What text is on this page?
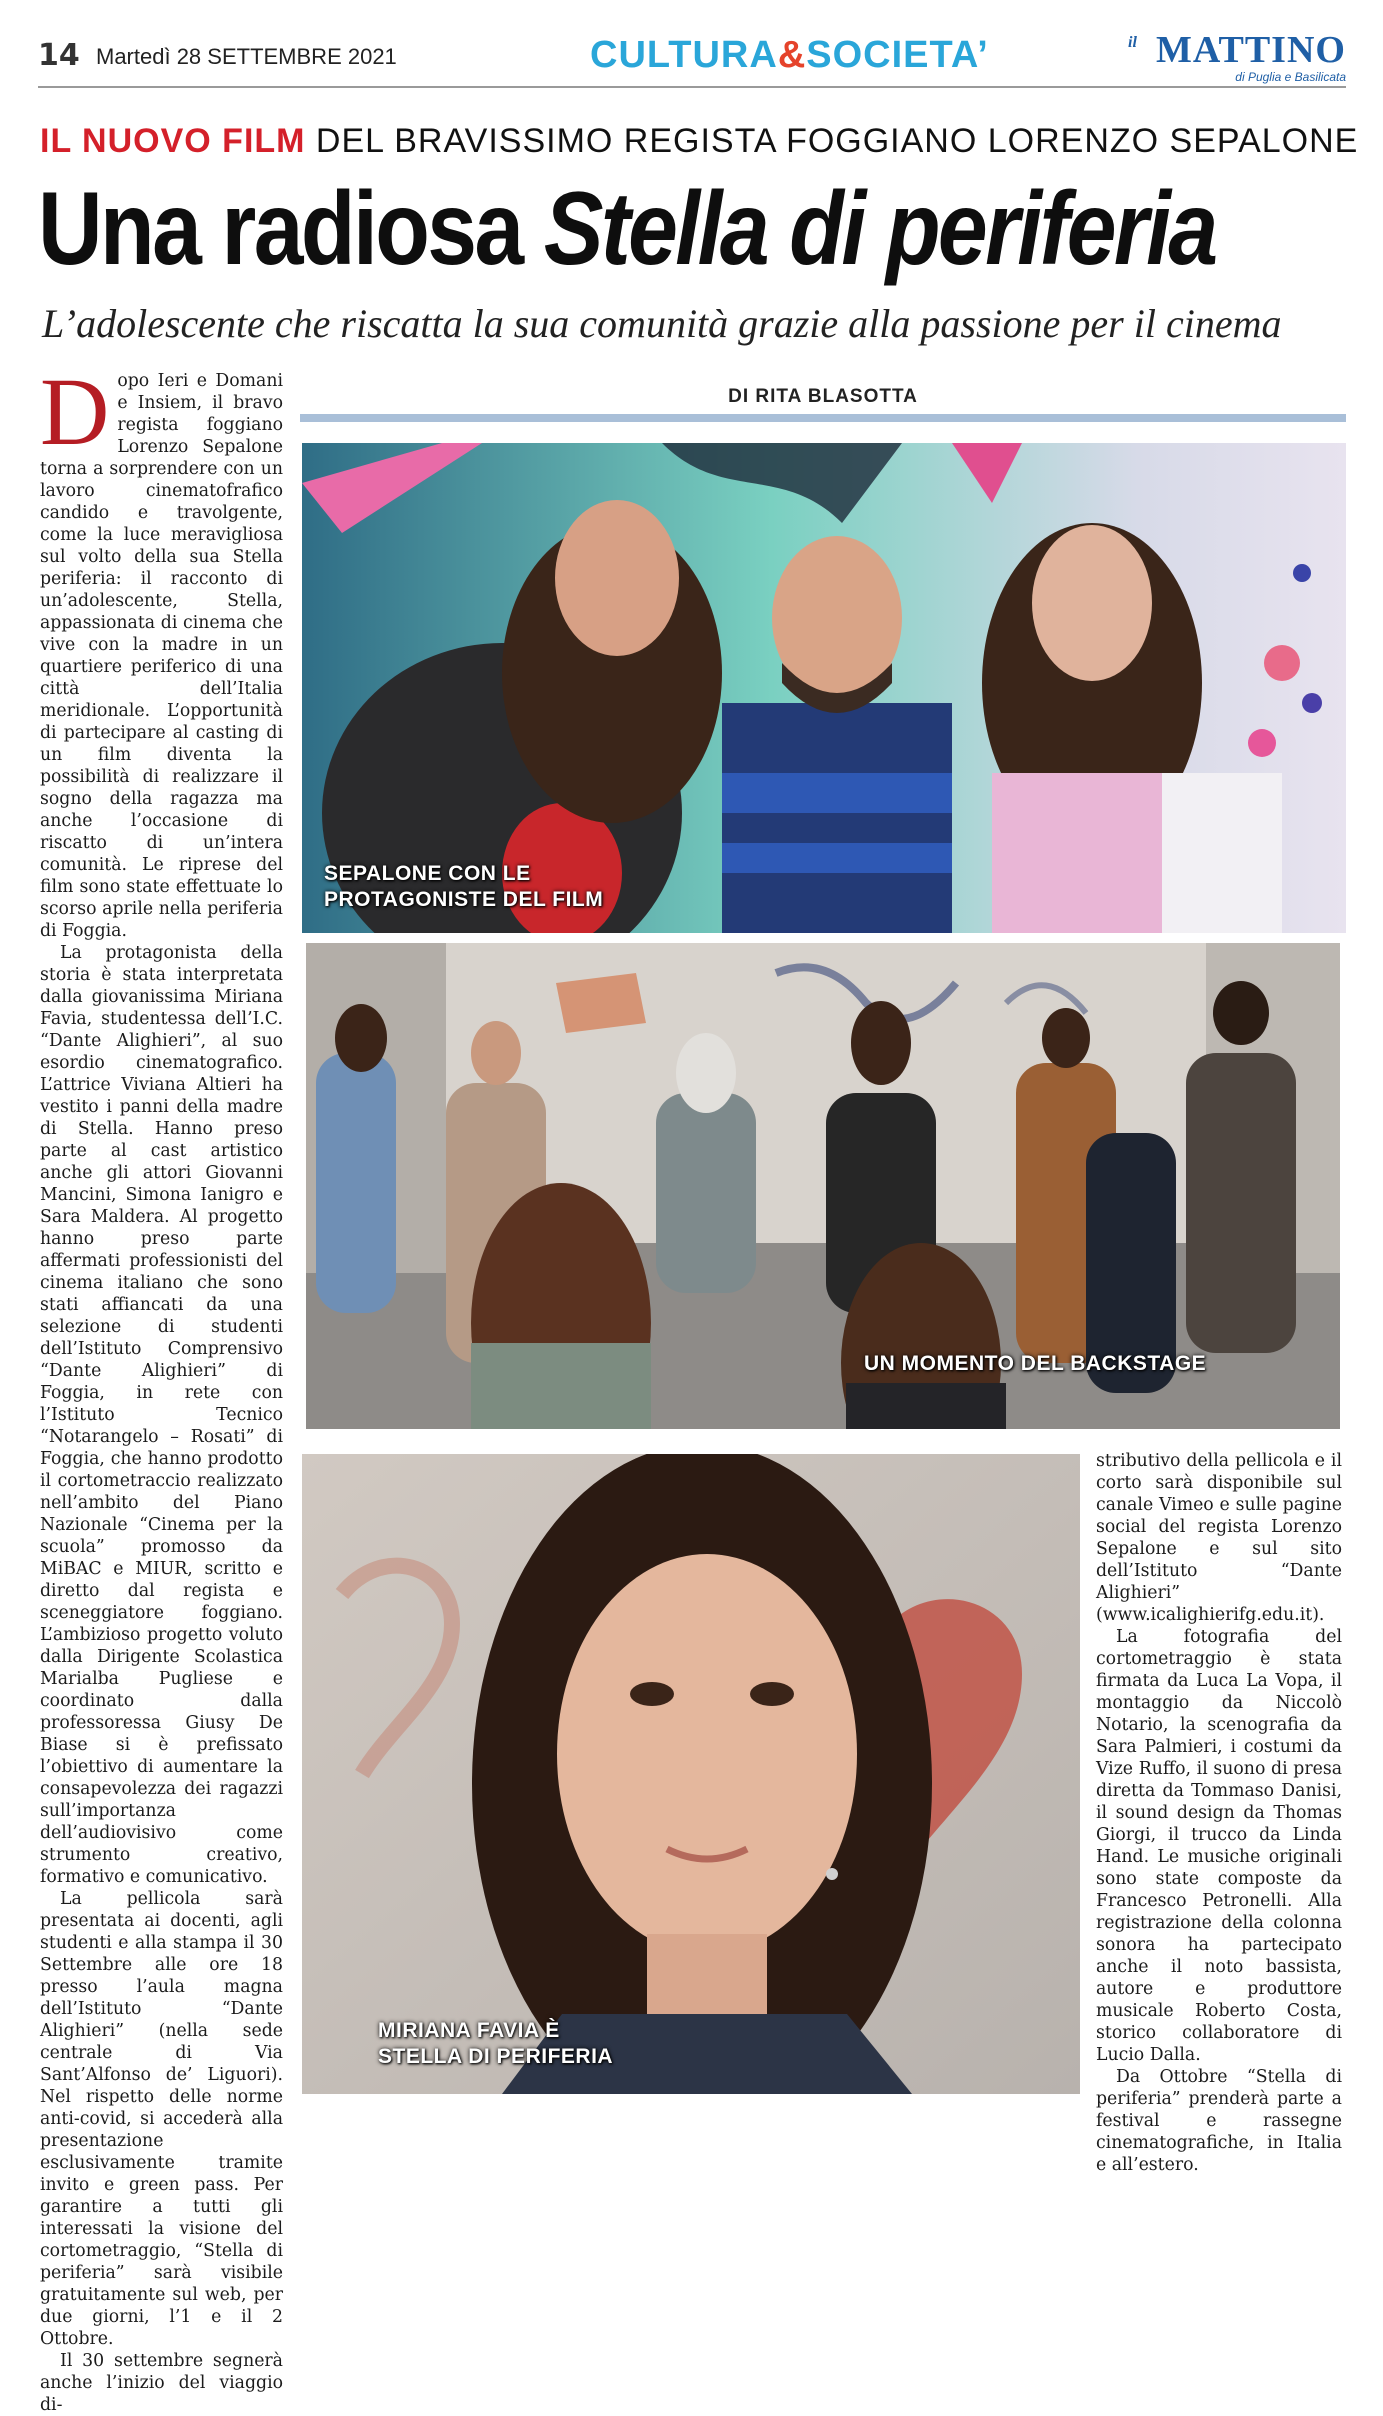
14 Martedì 28 SETTEMBRE 2021	CULTURA&SOCIETA’	il MATTINO
di Puglia e Basilicata
IL NUOVO FILM DEL BRAVISSIMO REGISTA FOGGIANO LORENZO SEPALONE
Una radiosa Stella di periferia
L’adolescente che riscatta la sua comunità grazie alla passione per il cinema

Dopo Ieri e Domani e Insiem, il bravo regista foggiano Lorenzo Sepalone torna a sorprendere con un lavoro cinematofrafico candido e travolgente, come la luce meravigliosa sul volto della sua Stella periferia: il racconto di un’adolescente, Stella, appassionata di cinema che vive con la madre in un quartiere periferico di una città dell’Italia meridionale. L’opportunità di partecipare al casting di un film diventa la possibilità di realizzare il sogno della ragazza ma anche l’occasione di riscatto di un’intera comunità. Le riprese del film sono state effettuate lo scorso aprile nella periferia di Foggia.

La protagonista della storia è stata interpretata dalla giovanissima Miriana Favia, studentessa dell’I.C. “Dante Alighieri”, al suo esordio cinematografico. L’attrice Viviana Altieri ha vestito i panni della madre di Stella. Hanno preso parte al cast artistico anche gli attori Giovanni Mancini, Simona Ianigro e Sara Maldera. Al progetto hanno preso parte affermati professionisti del cinema italiano che sono stati affiancati da una selezione di studenti dell’Istituto Comprensivo “Dante Alighieri” di Foggia, in rete con l’Istituto Tecnico “Notarangelo – Rosati” di Foggia, che hanno prodotto il cortometraccio realizzato nell’ambito del Piano Nazionale “Cinema per la scuola” promosso da MiBAC e MIUR, scritto e diretto dal regista e sceneggiatore foggiano. L’ambizioso progetto voluto dalla Dirigente Scolastica Marialba Pugliese e coordinato dalla professoressa Giusy De Biase si è prefissato l’obiettivo di aumentare la consapevolezza dei ragazzi sull’importanza dell’audiovisivo come strumento creativo, formativo e comunicativo.

La pellicola sarà presentata ai docenti, agli studenti e alla stampa il 30 Settembre alle ore 18 presso l’aula magna dell’Istituto “Dante Alighieri” (nella sede centrale di Via Sant’Alfonso de’ Liguori). Nel rispetto delle norme anti-covid, si accederà alla presentazione esclusivamente tramite invito e green pass. Per garantire a tutti gli interessati la visione del cortometraggio, “Stella di periferia” sarà visibile gratuitamente sul web, per due giorni, l’1 e il 2 Ottobre.

Il 30 settembre segnerà anche l’inizio del viaggio di-

DI RITA BLASOTTA
SEPALONE CON LE
PROTAGONISTE DEL FILM
UN MOMENTO DEL BACKSTAGE
MIRIANA FAVIA È
STELLA DI PERIFERIA

stributivo della pellicola e il corto sarà disponibile sul canale Vimeo e sulle pagine social del regista Lorenzo Sepalone e sul sito dell’Istituto “Dante Alighieri” (www.icalighierifg.edu.it).

La fotografia del cortometraggio è stata firmata da Luca La Vopa, il montaggio da Niccolò Notario, la scenografia da Sara Palmieri, i costumi da Vize Ruffo, il suono di presa diretta da Tommaso Danisi, il sound design da Thomas Giorgi, il trucco da Linda Hand. Le musiche originali sono state composte da Francesco Petronelli. Alla registrazione della colonna sonora ha partecipato anche il noto bassista, autore e produttore musicale Roberto Costa, storico collaboratore di Lucio Dalla.

Da Ottobre “Stella di periferia” prenderà parte a festival e rassegne cinematografiche, in Italia e all’estero.
